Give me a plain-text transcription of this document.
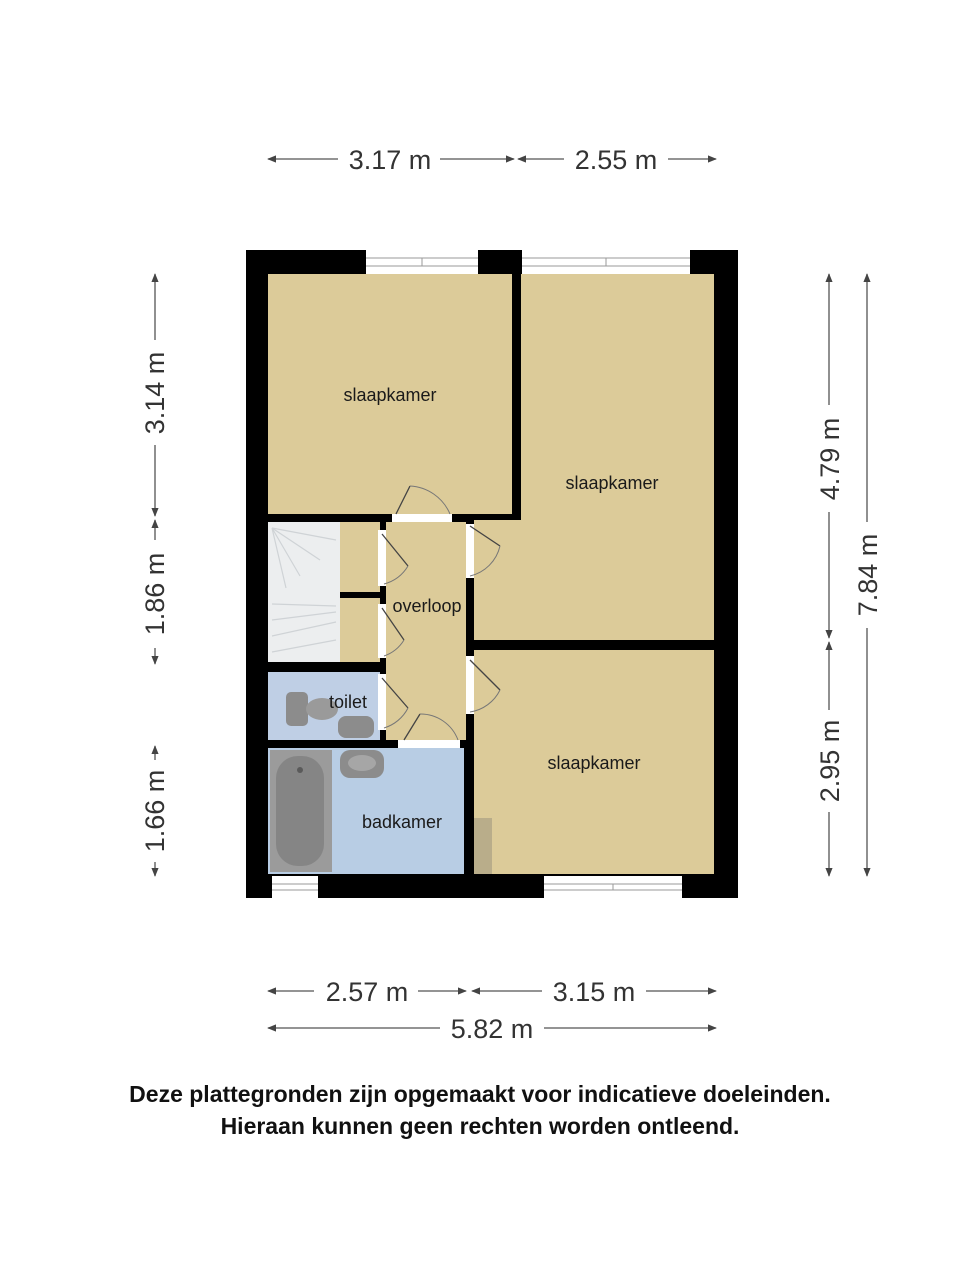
3.17 m	2.55 m
3.14 m
1.86 m
1.66 m
4.79 m
2.95 m
7.84 m
2.57 m	3.15 m
5.82 m
slaapkamer
slaapkamer
slaapkamer
overloop
toilet
badkamer
Deze plattegronden zijn opgemaakt voor indicatieve doeleinden.
Hieraan kunnen geen rechten worden ontleend.
